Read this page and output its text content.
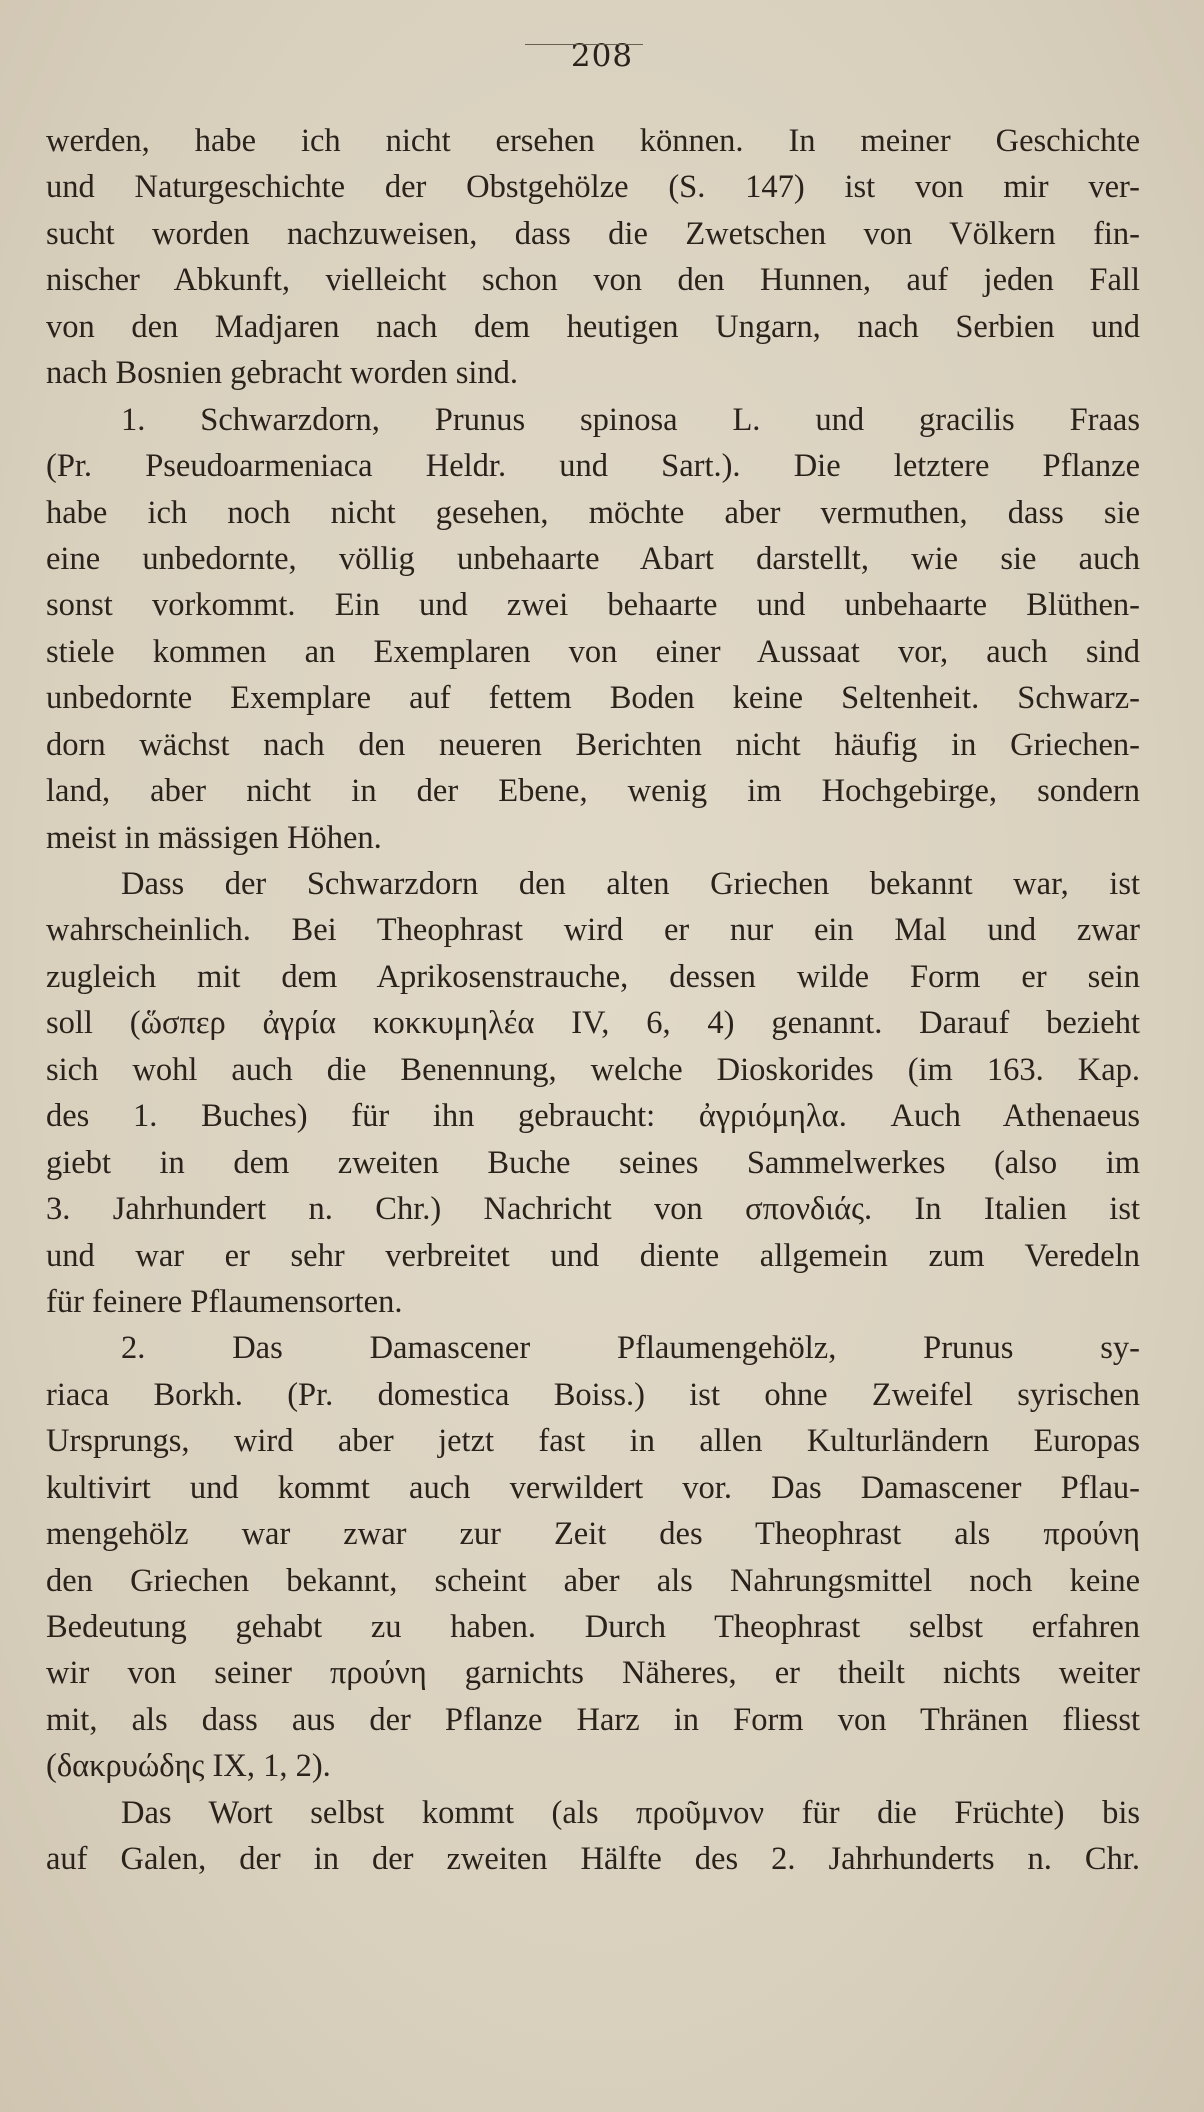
208
werden, habe ich nicht ersehen können. In meiner Geschichte
und Naturgeschichte der Obstgehölze (S. 147) ist von mir ver-
sucht worden nachzuweisen, dass die Zwetschen von Völkern fin-
nischer Abkunft, vielleicht schon von den Hunnen, auf jeden Fall
von den Madjaren nach dem heutigen Ungarn, nach Serbien und
nach Bosnien gebracht worden sind.
1. Schwarzdorn, Prunus spinosa L. und gracilis Fraas
(Pr. Pseudoarmeniaca Heldr. und Sart.). Die letztere Pflanze
habe ich noch nicht gesehen, möchte aber vermuthen, dass sie
eine unbedornte, völlig unbehaarte Abart darstellt, wie sie auch
sonst vorkommt. Ein und zwei behaarte und unbehaarte Blüthen-
stiele kommen an Exemplaren von einer Aussaat vor, auch sind
unbedornte Exemplare auf fettem Boden keine Seltenheit. Schwarz-
dorn wächst nach den neueren Berichten nicht häufig in Griechen-
land, aber nicht in der Ebene, wenig im Hochgebirge, sondern
meist in mässigen Höhen.
Dass der Schwarzdorn den alten Griechen bekannt war, ist
wahrscheinlich. Bei Theophrast wird er nur ein Mal und zwar
zugleich mit dem Aprikosenstrauche, dessen wilde Form er sein
soll (ὥσπερ ἀγρία κοκκυμηλέα IV, 6, 4) genannt. Darauf bezieht
sich wohl auch die Benennung, welche Dioskorides (im 163. Kap.
des 1. Buches) für ihn gebraucht: ἀγριόμηλα. Auch Athenaeus
giebt in dem zweiten Buche seines Sammelwerkes (also im
3. Jahrhundert n. Chr.) Nachricht von σπονδιάς. In Italien ist
und war er sehr verbreitet und diente allgemein zum Veredeln
für feinere Pflaumensorten.
2. Das Damascener Pflaumengehölz, Prunus sy-
riaca Borkh. (Pr. domestica Boiss.) ist ohne Zweifel syrischen
Ursprungs, wird aber jetzt fast in allen Kulturländern Europas
kultivirt und kommt auch verwildert vor. Das Damascener Pflau-
mengehölz war zwar zur Zeit des Theophrast als προύνη
den Griechen bekannt, scheint aber als Nahrungsmittel noch keine
Bedeutung gehabt zu haben. Durch Theophrast selbst erfahren
wir von seiner προύνη garnichts Näheres, er theilt nichts weiter
mit, als dass aus der Pflanze Harz in Form von Thränen fliesst
(δακρυώδης IX, 1, 2).
Das Wort selbst kommt (als προῦμνον für die Früchte) bis
auf Galen, der in der zweiten Hälfte des 2. Jahrhunderts n. Chr.
